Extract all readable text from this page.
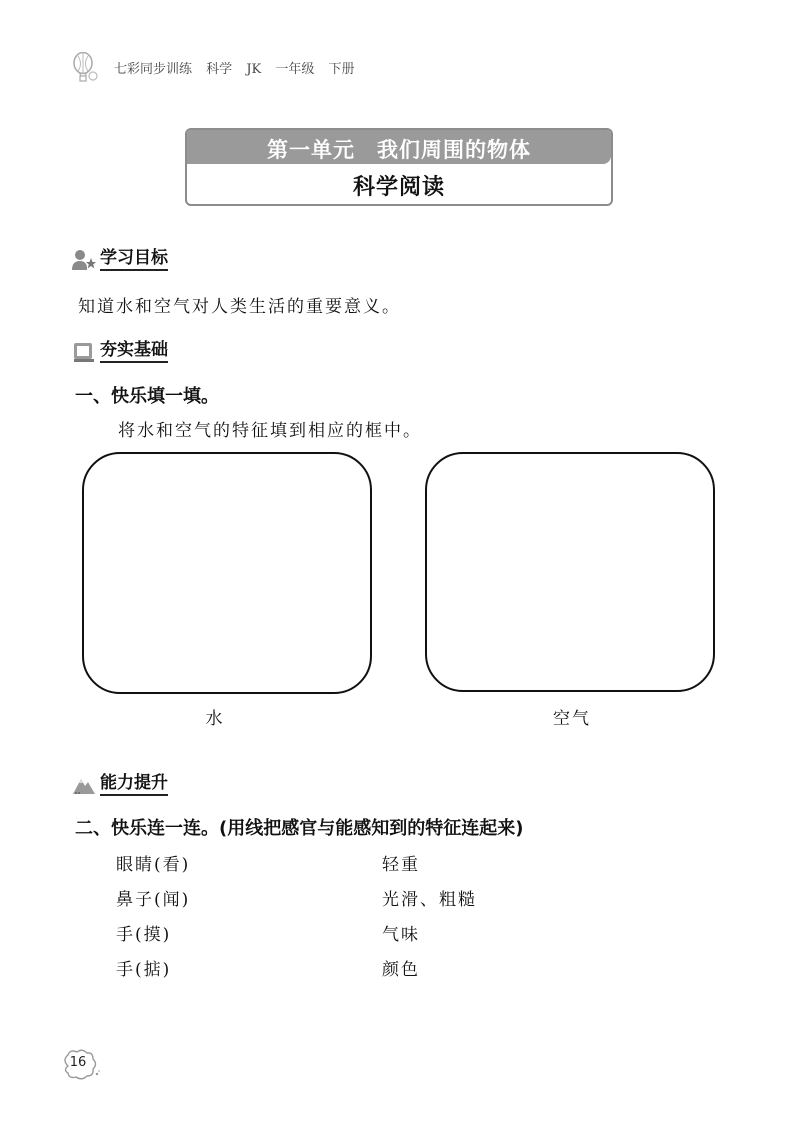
七彩同步训练 科学 JK 一年级 下册
第一单元　我们周围的物体
科学阅读
学习目标
知道水和空气对人类生活的重要意义。
夯实基础
一、快乐填一填。
将水和空气的特征填到相应的框中。
水	空气
能力提升
二、快乐连一连。(用线把感官与能感知到的特征连起来)
眼睛(看)
鼻子(闻)
手(摸)
手(掂)
轻重
光滑、粗糙
气味
颜色
16
